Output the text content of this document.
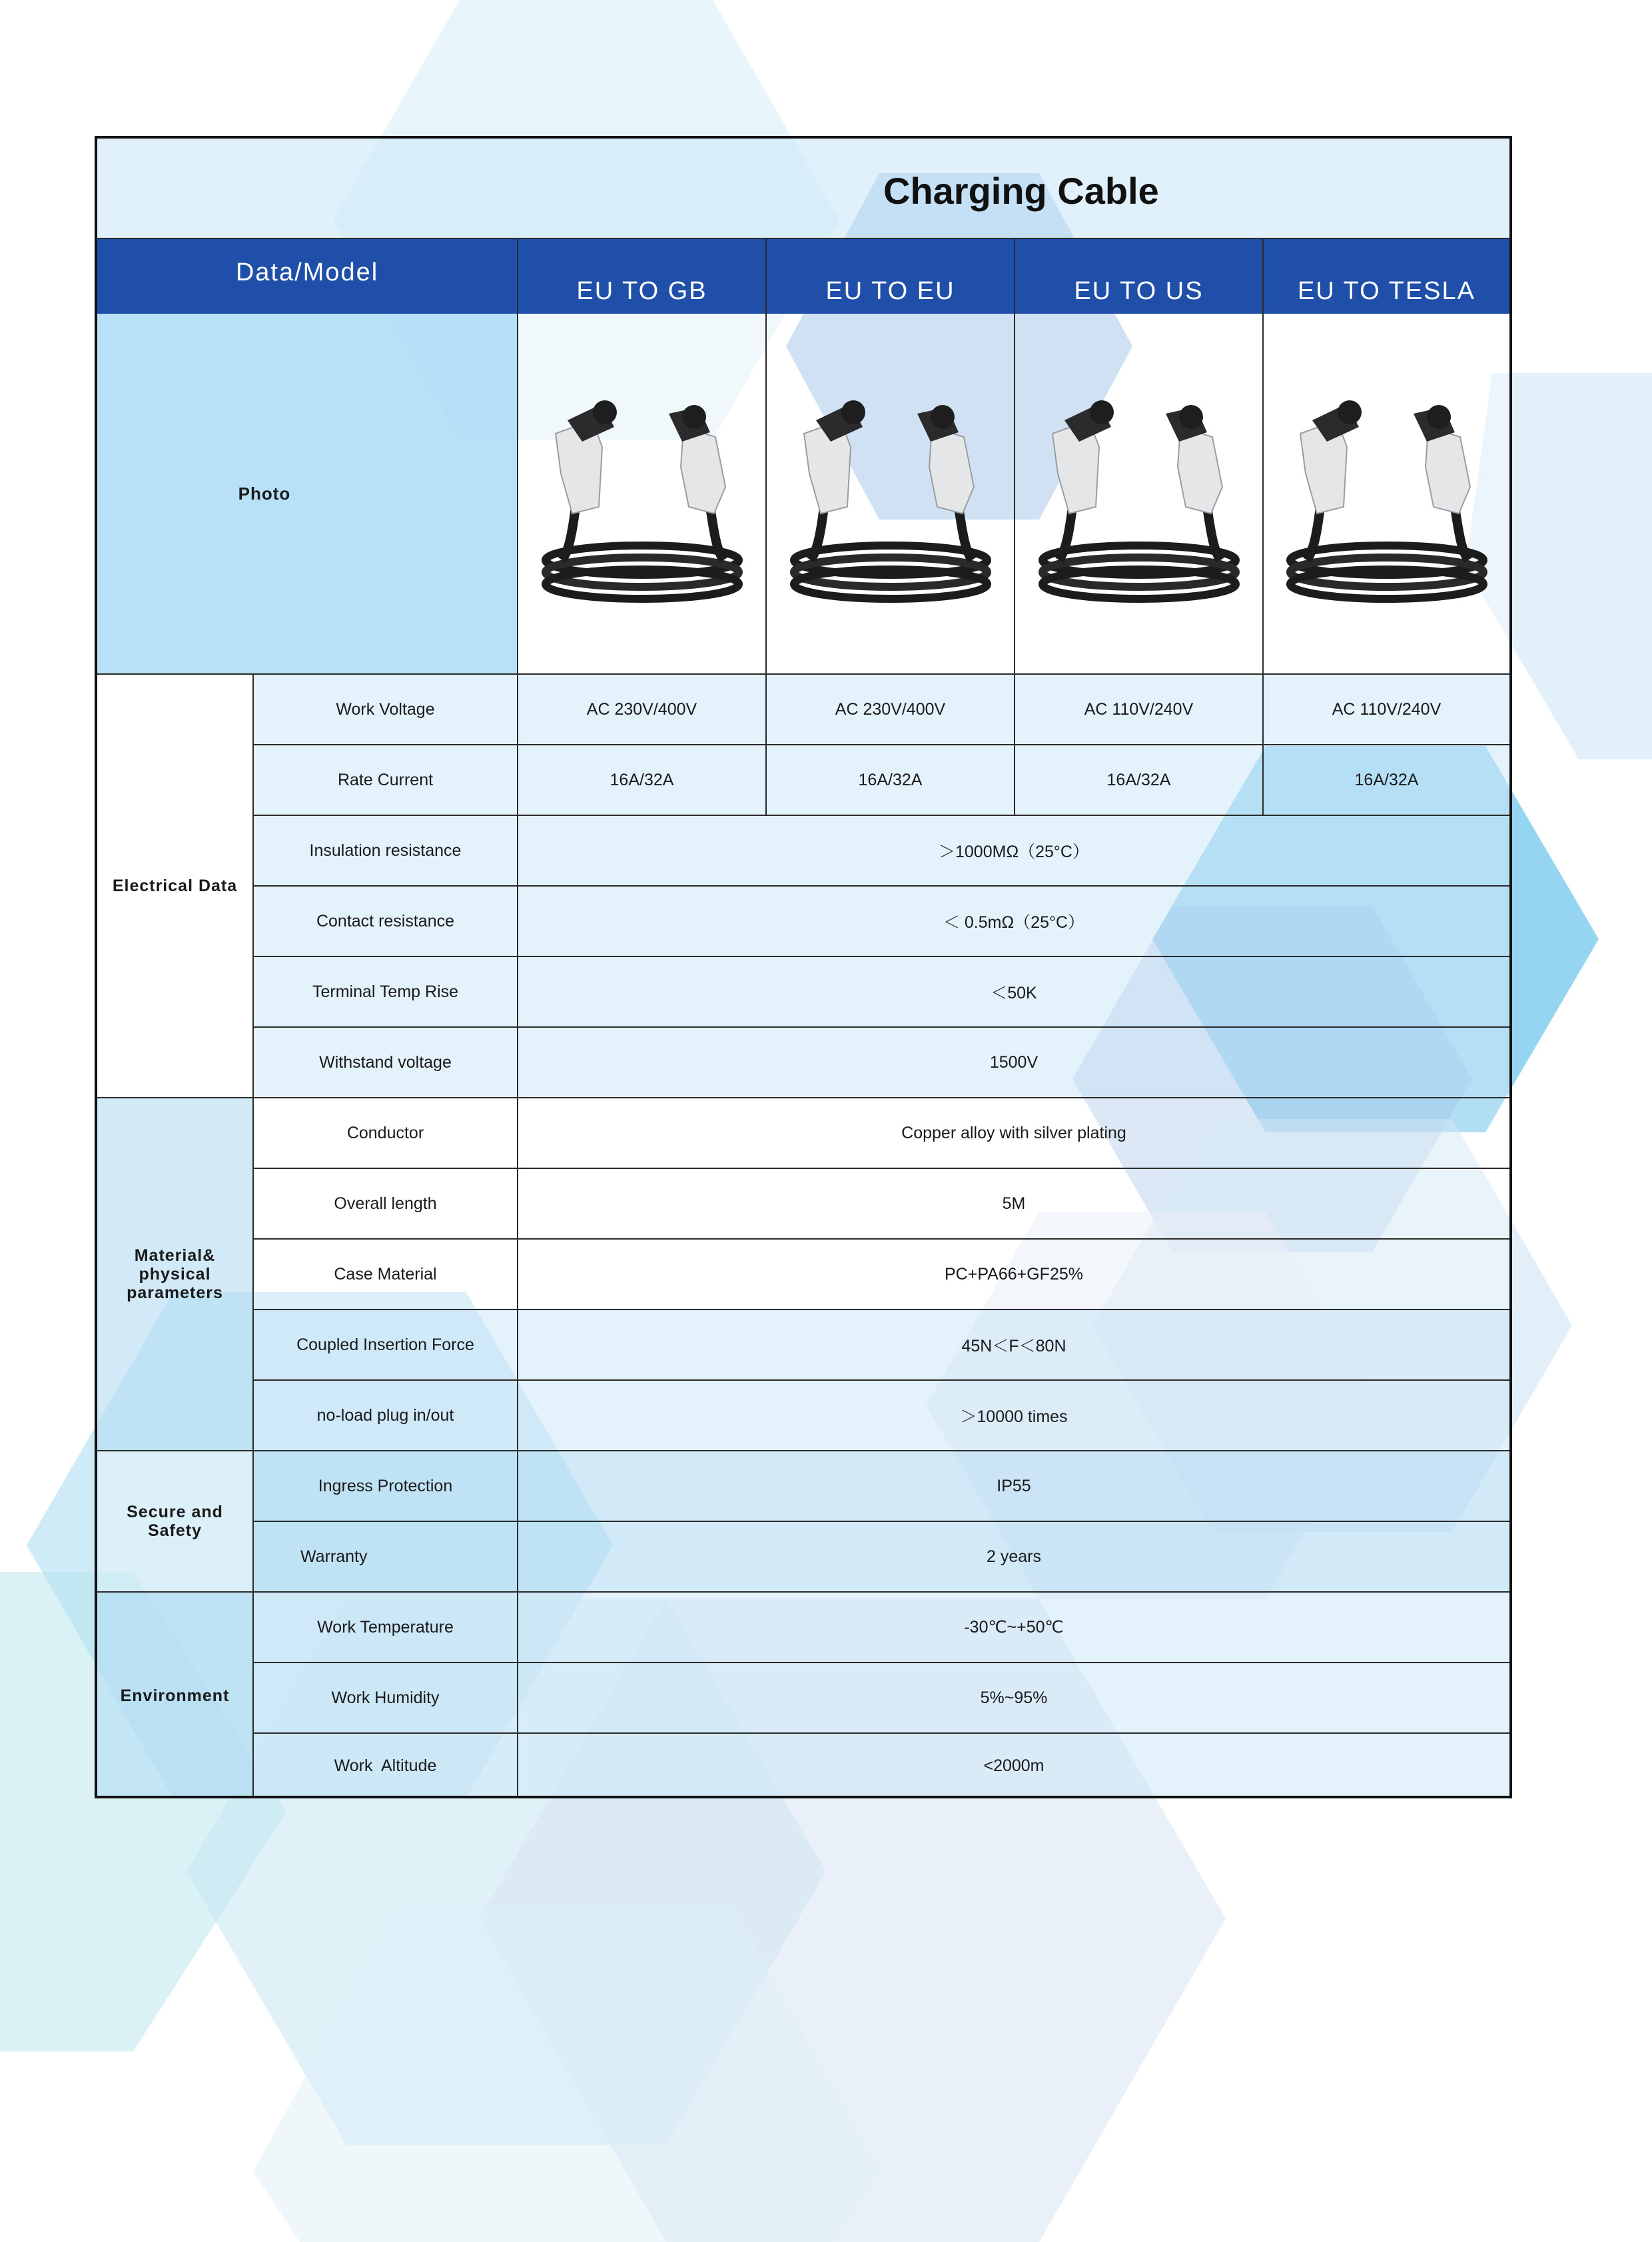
Charging Cable
Data/Model
EU TO GB	EU TO EU	EU TO US	EU TO TESLA
Photo
Electrical Data
Work Voltage	AC 230V/400V	AC 230V/400V	AC 110V/240V	AC 110V/240V
Rate Current	16A/32A	16A/32A	16A/32A	16A/32A
Insulation resistance	＞1000MΩ（25°C）
Contact resistance	＜ 0.5mΩ（25°C）
Terminal Temp Rise	＜50K
Withstand voltage	1500V
Material& physical parameters
Conductor	Copper alloy with silver plating
Overall length	5M
Case Material	PC+PA66+GF25%
Coupled Insertion Force	45N＜F＜80N
no-load plug in/out	＞10000 times
Secure and Safety
Ingress Protection	IP55
Warranty	2 years
Environment
Work Temperature	-30℃~+50℃
Work Humidity	5%~95%
Work  Altitude	<2000m
